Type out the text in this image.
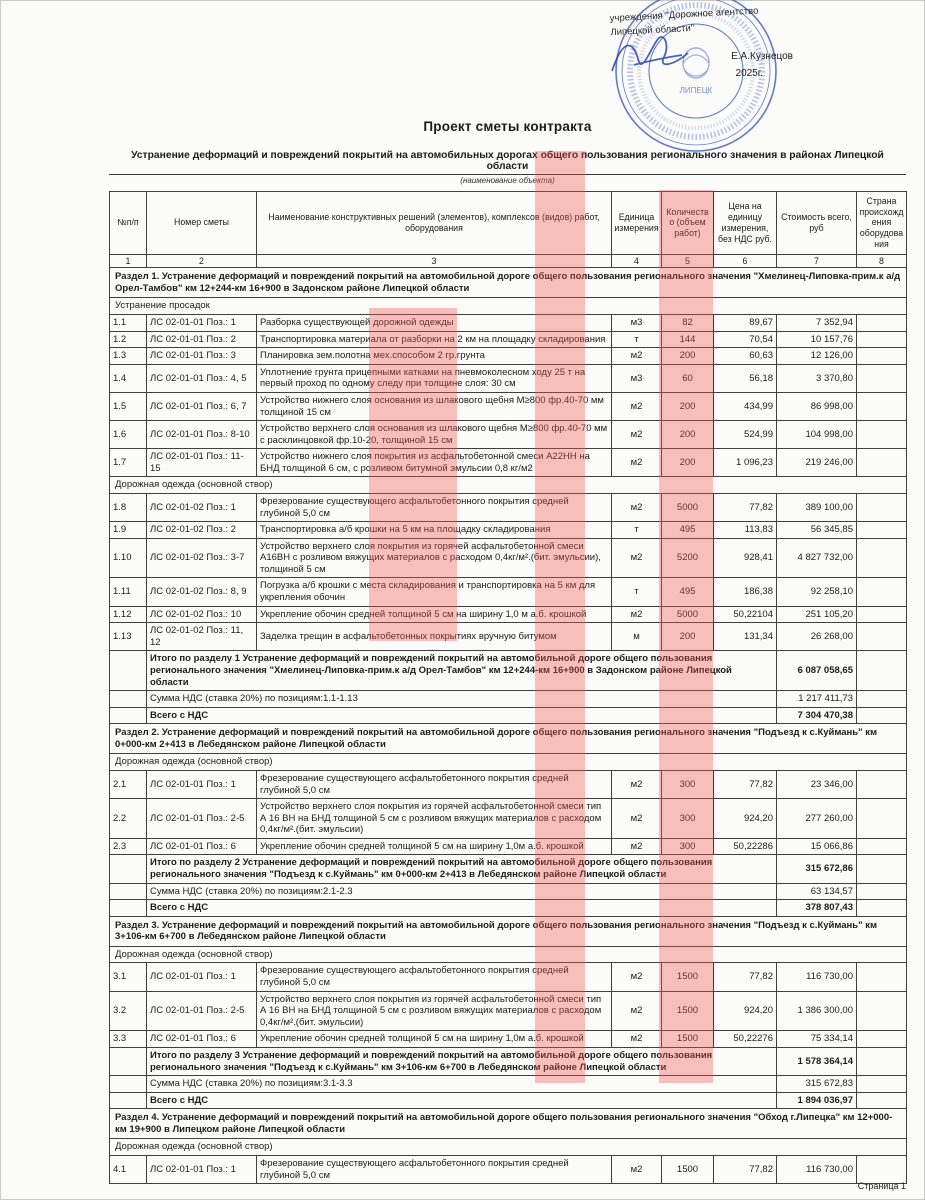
ЛИПЕЦК
учреждения "Дорожное агентство
Липецкой области"
Е.А.Кузнецов
2025г.
Проект сметы контракта
Устранение деформаций и повреждений покрытий на автомобильных дорогах общего пользования регионального значения в районах Липецкой области
(наименование объекта)
№п/п	Номер сметы	Наименование конструктивных решений (элементов), комплексов (видов) работ, оборудования	Единица измерения	Количество (объем работ)	Цена на единицу измерения, без НДС руб.	Стоимость всего, руб	Страна происхождения оборудования
1	2	3	4	5	6	7	8
Раздел 1. Устранение деформаций и повреждений покрытий на автомобильной дороге общего пользования регионального значения "Хмелинец-Липовка-прим.к а/д Орел-Тамбов" км 12+244-км 16+900 в Задонском районе Липецкой области							
Устранение просадок							
1.1	ЛС 02-01-01 Поз.: 1	Разборка существующей дорожной одежды	м3	82	89,67	7 352,94	
1.2	ЛС 02-01-01 Поз.: 2	Транспортировка материала от разборки на 2 км на площадку складирования	т	144	70,54	10 157,76	
1.3	ЛС 02-01-01 Поз.: 3	Планировка зем.полотна мех.способом 2 гр.грунта	м2	200	60,63	12 126,00	
1.4	ЛС 02-01-01 Поз.: 4, 5	Уплотнение грунта прицепными катками на пневмоколесном ходу 25 т на первый проход по одному следу при толщине слоя: 30 см	м3	60	56,18	3 370,80	
1.5	ЛС 02-01-01 Поз.: 6, 7	Устройство нижнего слоя основания из шлакового щебня М≥800 фр.40-70 мм толщиной 15 см	м2	200	434,99	86 998,00	
1.6	ЛС 02-01-01 Поз.: 8-10	Устройство верхнего слоя основания из шлакового щебня М≥800 фр.40-70 мм с расклинцовкой фр.10-20, толщиной 15 см	м2	200	524,99	104 998,00	
1.7	ЛС 02-01-01 Поз.: 11-15	Устройство нижнего слоя покрытия из асфальтобетонной смеси А22НН на БНД толщиной 6 см, с розливом битумной эмульсии 0,8 кг/м2	м2	200	1 096,23	219 246,00	
Дорожная одежда (основной створ)							
1.8	ЛС 02-01-02 Поз.: 1	Фрезерование существующего асфальтобетонного покрытия средней глубиной 5,0 см	м2	5000	77,82	389 100,00	
1.9	ЛС 02-01-02 Поз.: 2	Транспортировка а/б крошки на 5 км на площадку складирования	т	495	113,83	56 345,85	
1.10	ЛС 02-01-02 Поз.: 3-7	Устройство верхнего слоя покрытия из горячей асфальтобетонной смеси А16ВН с розливом вяжущих материалов с расходом 0,4кг/м².(бит. эмульсии), толщиной 5 см	м2	5200	928,41	4 827 732,00	
1.11	ЛС 02-01-02 Поз.: 8, 9	Погрузка а/б крошки с места складирования и транспортировка на 5 км для укрепления обочин	т	495	186,38	92 258,10	
1.12	ЛС 02-01-02 Поз.: 10	Укрепление обочин средней толщиной 5 см на ширину 1,0 м а.б. крошкой	м2	5000	50,22104	251 105,20	
1.13	ЛС 02-01-02 Поз.: 11, 12	Заделка трещин в асфальтобетонных покрытиях вручную битумом	м	200	131,34	26 268,00	
	Итого по разделу 1 Устранение деформаций и повреждений покрытий на автомобильной дороге общего пользования регионального значения "Хмелинец-Липовка-прим.к а/д Орел-Тамбов" км 12+244-км 16+900 в Задонском районе Липецкой области					6 087 058,65	
	Сумма НДС (ставка 20%) по позициям:1.1-1.13					1 217 411,73	
	Всего с НДС					7 304 470,38	
Раздел 2. Устранение деформаций и повреждений покрытий на автомобильной дороге общего пользования регионального значения "Подъезд к с.Куймань" км 0+000-км 2+413 в Лебедянском районе Липецкой области							
Дорожная одежда (основной створ)							
2.1	ЛС 02-01-01 Поз.: 1	Фрезерование существующего асфальтобетонного покрытия средней глубиной 5,0 см	м2	300	77,82	23 346,00	
2.2	ЛС 02-01-01 Поз.: 2-5	Устройство верхнего слоя покрытия из горячей асфальтобетонной смеси тип А 16 ВН на БНД толщиной 5 см с розливом вяжущих материалов с расходом 0,4кг/м².(бит. эмульсии)	м2	300	924,20	277 260,00	
2.3	ЛС 02-01-01 Поз.: 6	Укрепление обочин средней толщиной 5 см на ширину 1,0м а.б. крошкой	м2	300	50,22286	15 066,86	
	Итого по разделу 2 Устранение деформаций и повреждений покрытий на автомобильной дороге общего пользования регионального значения "Подъезд к с.Куймань" км 0+000-км 2+413 в Лебедянском районе Липецкой области					315 672,86	
	Сумма НДС (ставка 20%) по позициям:2.1-2.3					63 134,57	
	Всего с НДС					378 807,43	
Раздел 3. Устранение деформаций и повреждений покрытий на автомобильной дороге общего пользования регионального значения "Подъезд к с.Куймань" км 3+106-км 6+700 в Лебедянском районе Липецкой области							
Дорожная одежда (основной створ)							
3.1	ЛС 02-01-01 Поз.: 1	Фрезерование существующего асфальтобетонного покрытия средней глубиной 5,0 см	м2	1500	77,82	116 730,00	
3.2	ЛС 02-01-01 Поз.: 2-5	Устройство верхнего слоя покрытия из горячей асфальтобетонной смеси тип А 16 ВН на БНД толщиной 5 см с розливом вяжущих материалов с расходом 0,4кг/м².(бит. эмульсии)	м2	1500	924,20	1 386 300,00	
3.3	ЛС 02-01-01 Поз.: 6	Укрепление обочин средней толщиной 5 см на ширину 1,0м а.б. крошкой	м2	1500	50,22276	75 334,14	
	Итого по разделу 3 Устранение деформаций и повреждений покрытий на автомобильной дороге общего пользования регионального значения "Подъезд к с.Куймань" км 3+106-км 6+700 в Лебедянском районе Липецкой области					1 578 364,14	
	Сумма НДС (ставка 20%) по позициям:3.1-3.3					315 672,83	
	Всего с НДС					1 894 036,97	
Раздел 4. Устранение деформаций и повреждений покрытий на автомобильной дороге общего пользования регионального значения "Обход г.Липецка" км 12+000-км 19+900 в Липецком районе Липецкой области							
Дорожная одежда (основной створ)							
4.1	ЛС 02-01-01 Поз.: 1	Фрезерование существующего асфальтобетонного покрытия средней глубиной 5,0 см	м2	1500	77,82	116 730,00	
Страница 1
